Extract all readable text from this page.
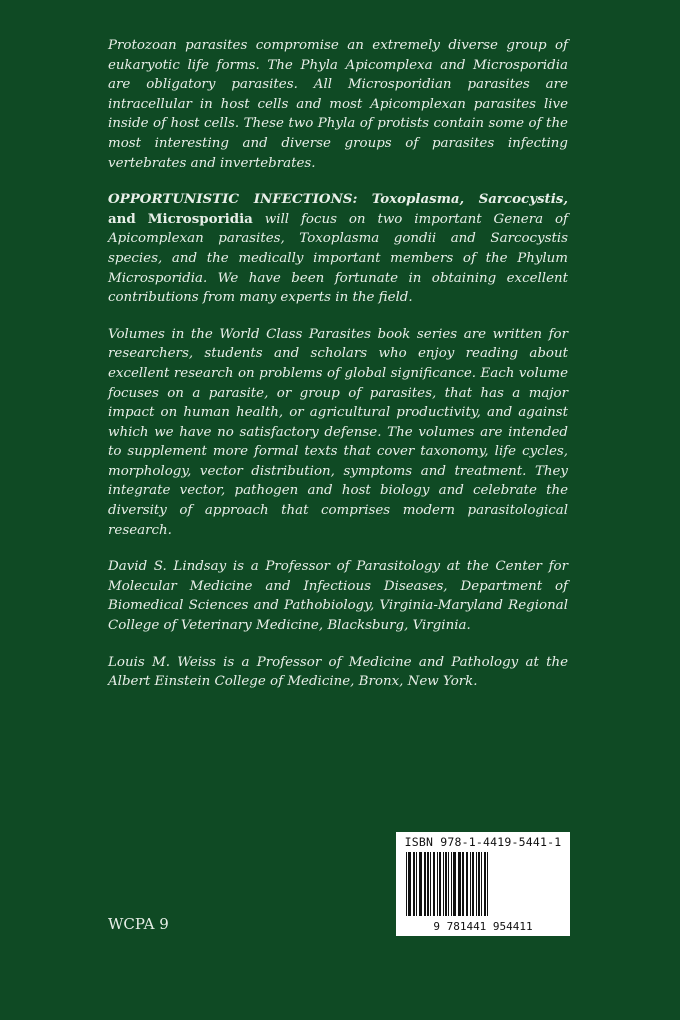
Protozoan parasites compromise an extremely diverse group of eukaryotic life forms. The Phyla Apicomplexa and Microsporidia are obligatory parasites. All Microsporidian parasites are intracellular in host cells and most Apicomplexan parasites live inside of host cells. These two Phyla of protists contain some of the most interesting and diverse groups of parasites infecting vertebrates and invertebrates.

OPPORTUNISTIC INFECTIONS: Toxoplasma, Sarcocystis, and Microsporidia will focus on two important Genera of Apicomplexan parasites, Toxoplasma gondii and Sarcocystis species, and the medically important members of the Phylum Microsporidia. We have been fortunate in obtaining excellent contributions from many experts in the field.

Volumes in the World Class Parasites book series are written for researchers, students and scholars who enjoy reading about excellent research on problems of global significance. Each volume focuses on a parasite, or group of parasites, that has a major impact on human health, or agricultural productivity, and against which we have no satisfactory defense. The volumes are intended to supplement more formal texts that cover taxonomy, life cycles, morphology, vector distribution, symptoms and treatment. They integrate vector, pathogen and host biology and celebrate the diversity of approach that comprises modern parasitological research.

David S. Lindsay is a Professor of Parasitology at the Center for Molecular Medicine and Infectious Diseases, Department of Biomedical Sciences and Pathobiology, Virginia-Maryland Regional College of Veterinary Medicine, Blacksburg, Virginia.

Louis M. Weiss is a Professor of Medicine and Pathology at the Albert Einstein College of Medicine, Bronx, New York.

WCPA 9
ISBN 978-1-4419-5441-1
9 781441 954411
